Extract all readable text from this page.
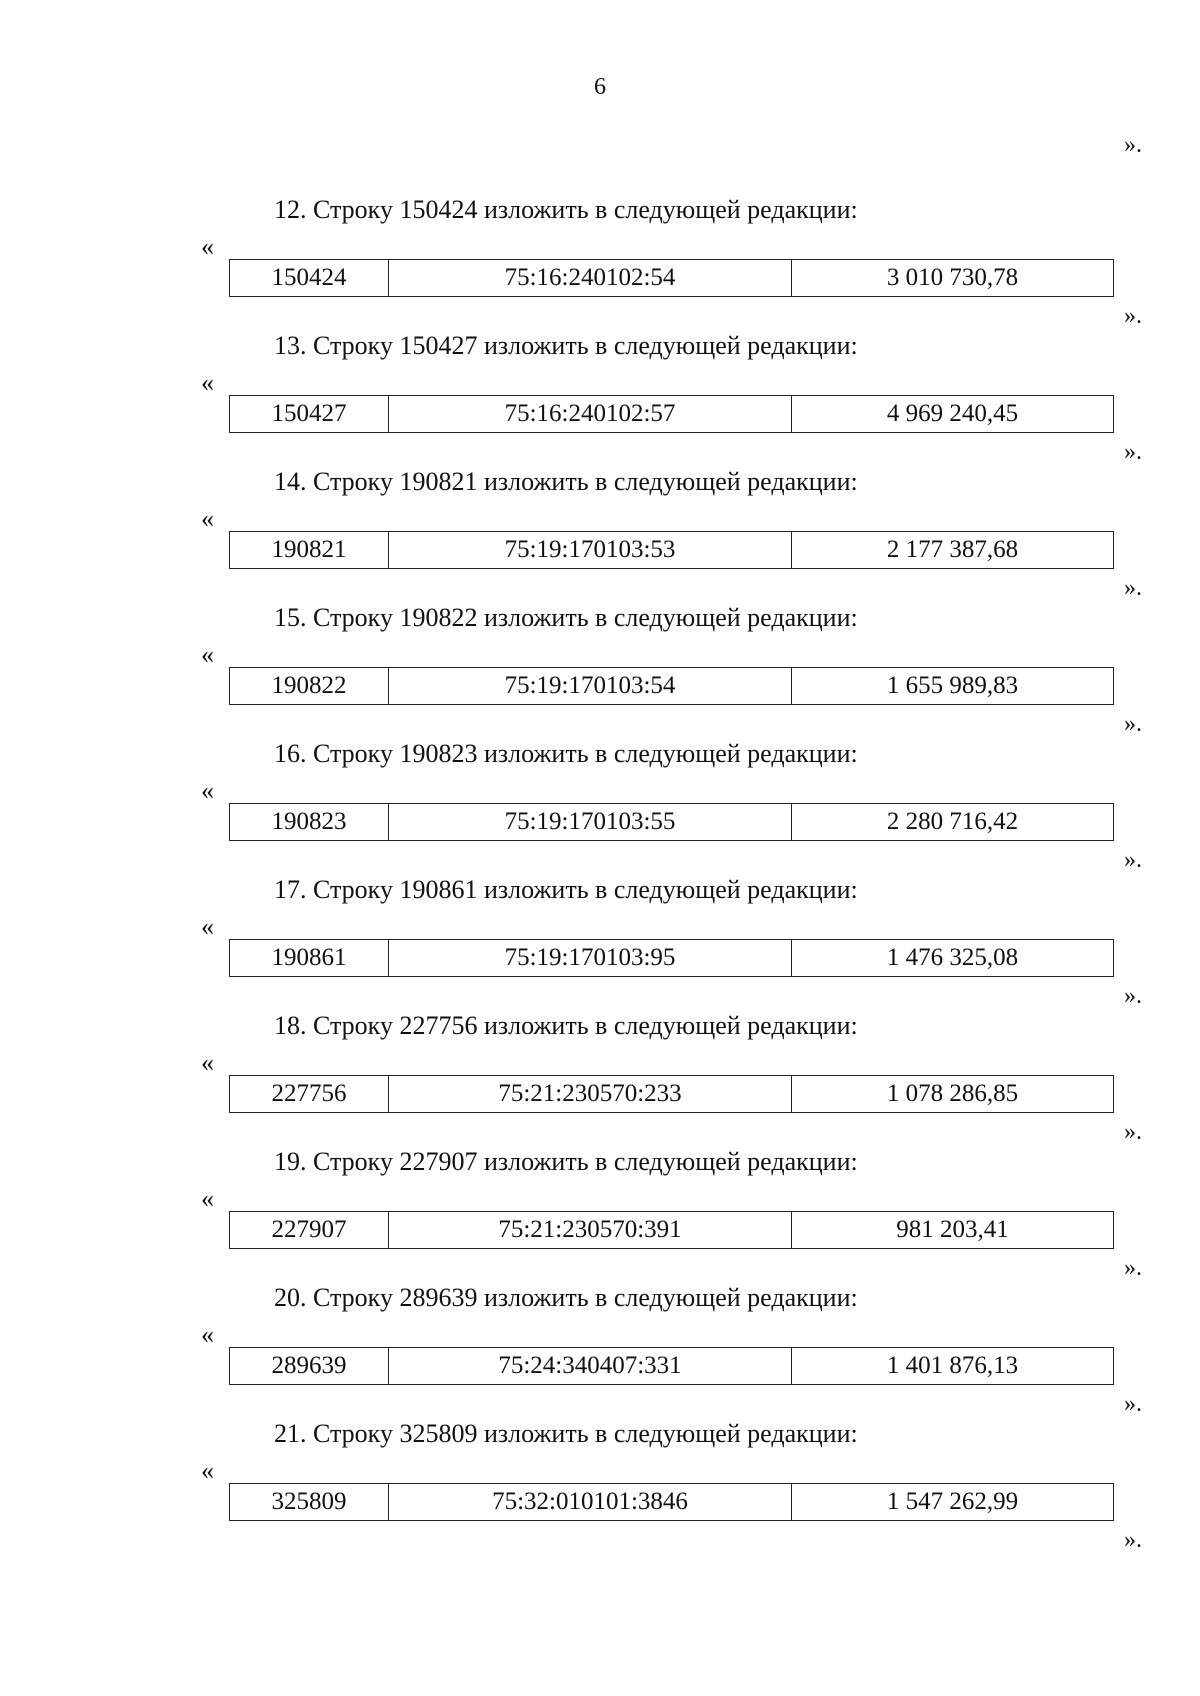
6
».
12. Строку 150424 изложить в следующей редакции:
«
150424	75:16:240102:54	3 010 730,78
».
13. Строку 150427 изложить в следующей редакции:
«
150427	75:16:240102:57	4 969 240,45
».
14. Строку 190821 изложить в следующей редакции:
«
190821	75:19:170103:53	2 177 387,68
».
15. Строку 190822 изложить в следующей редакции:
«
190822	75:19:170103:54	1 655 989,83
».
16. Строку 190823 изложить в следующей редакции:
«
190823	75:19:170103:55	2 280 716,42
».
17. Строку 190861 изложить в следующей редакции:
«
190861	75:19:170103:95	1 476 325,08
».
18. Строку 227756 изложить в следующей редакции:
«
227756	75:21:230570:233	1 078 286,85
».
19. Строку 227907 изложить в следующей редакции:
«
227907	75:21:230570:391	981 203,41
».
20. Строку 289639 изложить в следующей редакции:
«
289639	75:24:340407:331	1 401 876,13
».
21. Строку 325809 изложить в следующей редакции:
«
325809	75:32:010101:3846	1 547 262,99
».
